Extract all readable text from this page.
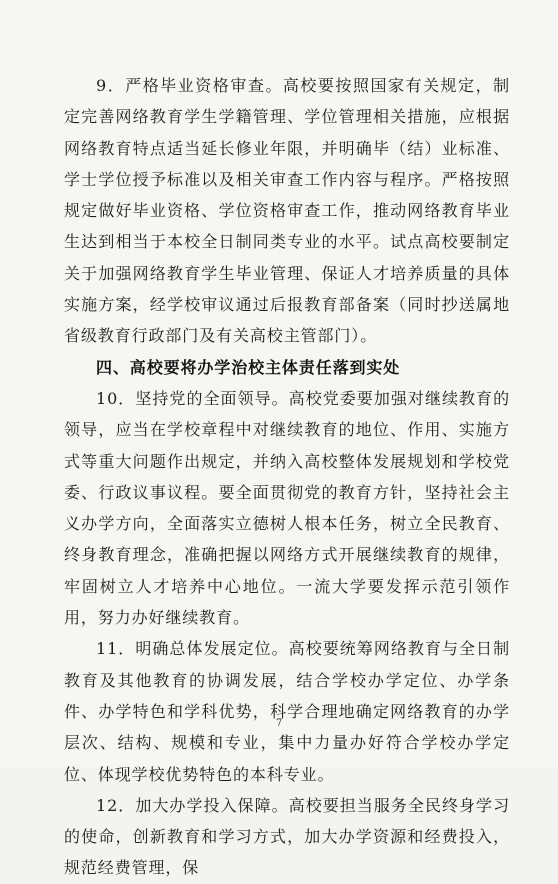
9．严格毕业资格审查。高校要按照国家有关规定，制定完善网络教育学生学籍管理、学位管理相关措施，应根据网络教育特点适当延长修业年限，并明确毕（结）业标准、学士学位授予标准以及相关审查工作内容与程序。严格按照规定做好毕业资格、学位资格审查工作，推动网络教育毕业生达到相当于本校全日制同类专业的水平。试点高校要制定关于加强网络教育学生毕业管理、保证人才培养质量的具体实施方案，经学校审议通过后报教育部备案（同时抄送属地省级教育行政部门及有关高校主管部门）。

四、高校要将办学治校主体责任落到实处

10．坚持党的全面领导。高校党委要加强对继续教育的领导，应当在学校章程中对继续教育的地位、作用、实施方式等重大问题作出规定，并纳入高校整体发展规划和学校党委、行政议事议程。要全面贯彻党的教育方针，坚持社会主义办学方向，全面落实立德树人根本任务，树立全民教育、终身教育理念，准确把握以网络方式开展继续教育的规律，牢固树立人才培养中心地位。一流大学要发挥示范引领作用，努力办好继续教育。

11．明确总体发展定位。高校要统筹网络教育与全日制教育及其他教育的协调发展，结合学校办学定位、办学条件、办学特色和学科优势，科学合理地确定网络教育的办学层次、结构、规模和专业，集中力量办好符合学校办学定位、体现学校优势特色的本科专业。

12．加大办学投入保障。高校要担当服务全民终身学习的使命，创新教育和学习方式，加大办学资源和经费投入，规范经费管理，保

7
